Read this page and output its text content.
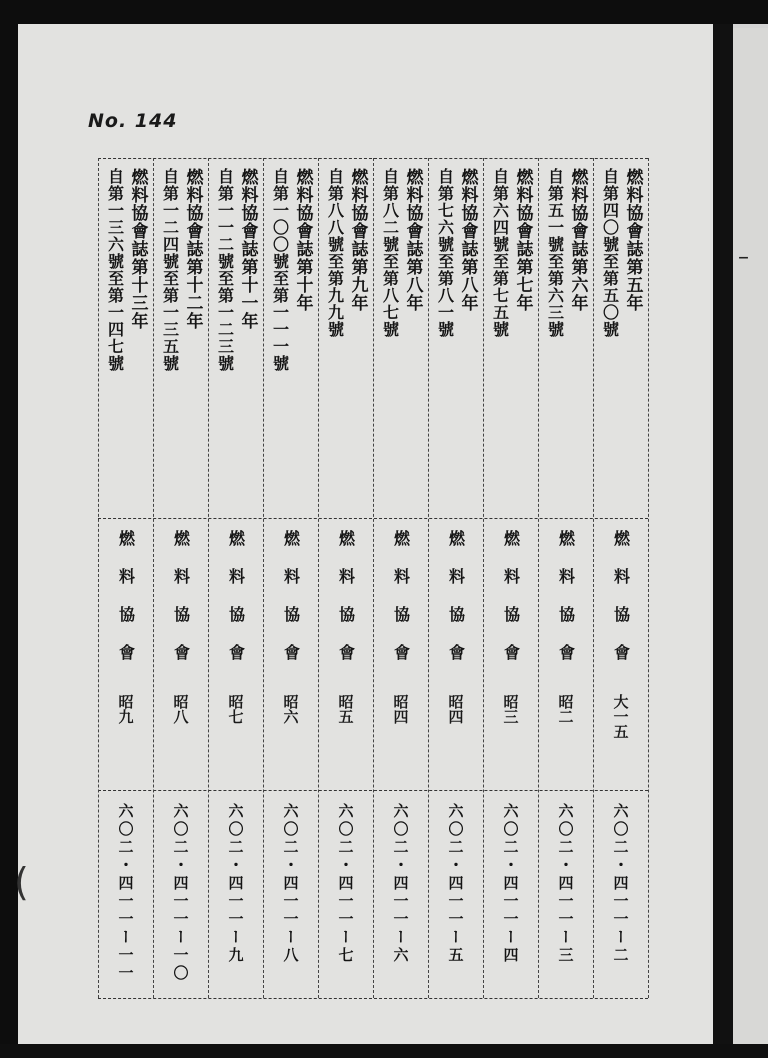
No. 144
燃料協會誌第五年
自第四〇號至第五〇號
燃料協會
大一五
六〇二・四一一ー二
燃料協會誌第六年
自第五一號至第六三號
燃料協會
昭二
六〇二・四一一ー三
燃料協會誌第七年
自第六四號至第七五號
燃料協會
昭三
六〇二・四一一ー四
燃料協會誌第八年
自第七六號至第八一號
燃料協會
昭四
六〇二・四一一ー五
燃料協會誌第八年
自第八二號至第八七號
燃料協會
昭四
六〇二・四一一ー六
燃料協會誌第九年
自第八八號至第九九號
燃料協會
昭五
六〇二・四一一ー七
燃料協會誌第十年
自第一〇〇號至第一一一號
燃料協會
昭六
六〇二・四一一ー八
燃料協會誌第十一年
自第一一二號至第一二三號
燃料協會
昭七
六〇二・四一一ー九
燃料協會誌第十二年
自第一二四號至第一三五號
燃料協會
昭八
六〇二・四一一ー一〇
燃料協會誌第十三年
自第一三六號至第一四七號
燃料協會
昭九
六〇二・四一一ー一一
–
(
